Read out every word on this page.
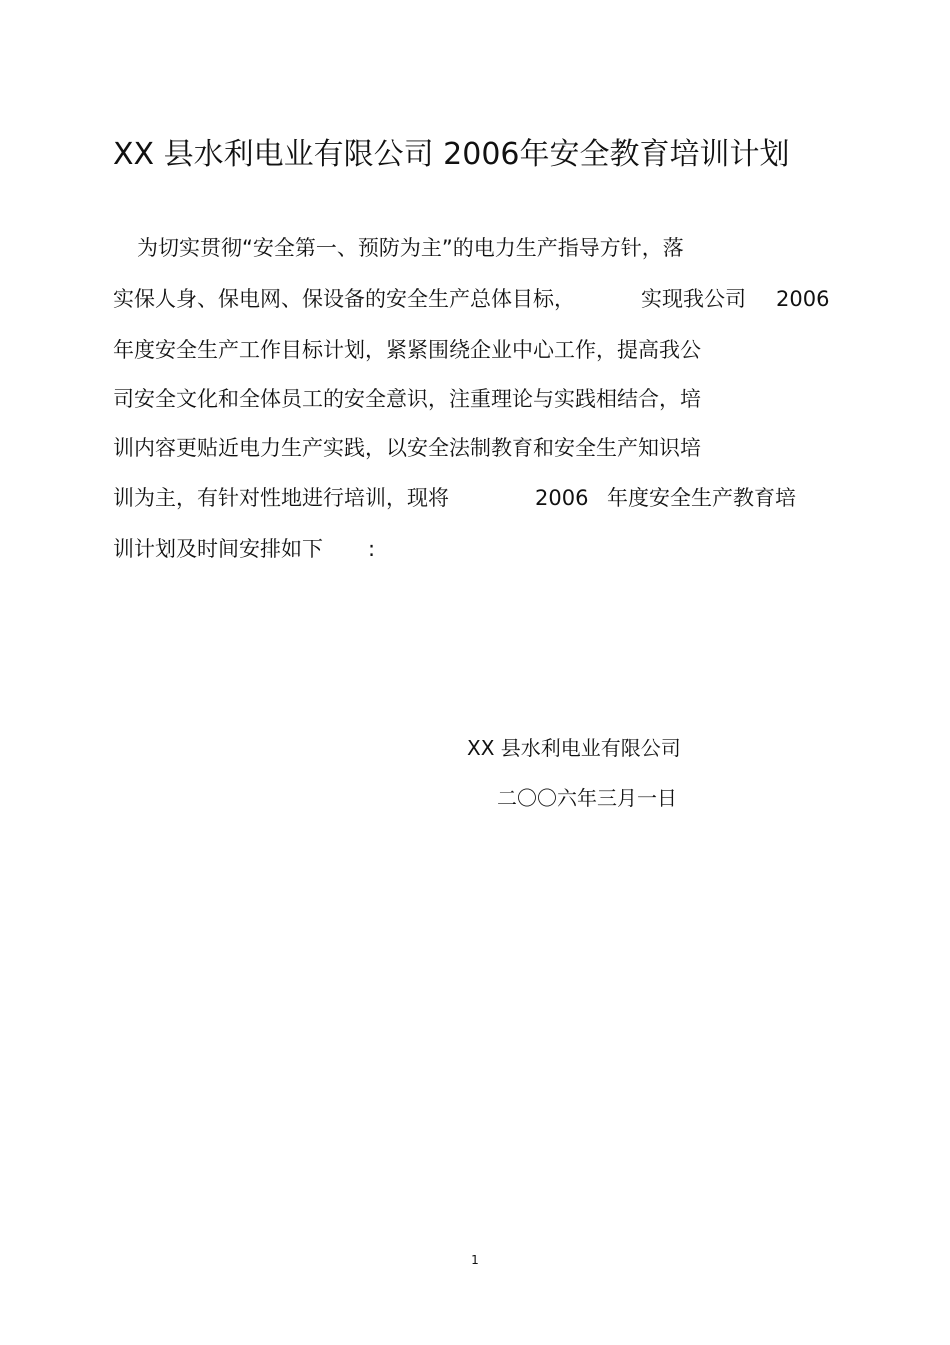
XX 县水利电业有限公司 2006年安全教育培训计划
为切实贯彻“安全第一、预防为主”的电力生产指导方针，落
实保人身、保电网、保设备的安全生产总体目标，	实现我公司 2006
年度安全生产工作目标计划，紧紧围绕企业中心工作，提高我公
司安全文化和全体员工的安全意识，注重理论与实践相结合，培
训内容更贴近电力生产实践，以安全法制教育和安全生产知识培
训为主，有针对性地进行培训，现将	2006 年度安全生产教育培
训计划及时间安排如下 :
XX 县水利电业有限公司
二〇〇六年三月一日
1
